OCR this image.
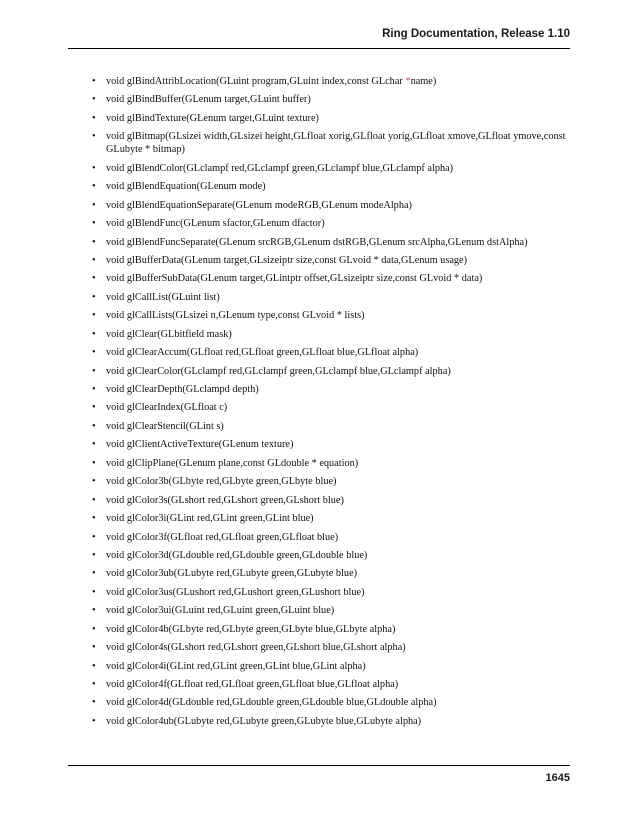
Ring Documentation, Release 1.10
• void glBindAttribLocation(GLuint program,GLuint index,const GLchar *name)
• void glBindBuffer(GLenum target,GLuint buffer)
• void glBindTexture(GLenum target,GLuint texture)
• void glBitmap(GLsizei width,GLsizei height,GLfloat xorig,GLfloat yorig,GLfloat xmove,GLfloat ymove,const GLubyte * bitmap)
• void glBlendColor(GLclampf red,GLclampf green,GLclampf blue,GLclampf alpha)
• void glBlendEquation(GLenum mode)
• void glBlendEquationSeparate(GLenum modeRGB,GLenum modeAlpha)
• void glBlendFunc(GLenum sfactor,GLenum dfactor)
• void glBlendFuncSeparate(GLenum srcRGB,GLenum dstRGB,GLenum srcAlpha,GLenum dstAlpha)
• void glBufferData(GLenum target,GLsizeiptr size,const GLvoid * data,GLenum usage)
• void glBufferSubData(GLenum target,GLintptr offset,GLsizeiptr size,const GLvoid * data)
• void glCallList(GLuint list)
• void glCallLists(GLsizei n,GLenum type,const GLvoid * lists)
• void glClear(GLbitfield mask)
• void glClearAccum(GLfloat red,GLfloat green,GLfloat blue,GLfloat alpha)
• void glClearColor(GLclampf red,GLclampf green,GLclampf blue,GLclampf alpha)
• void glClearDepth(GLclampd depth)
• void glClearIndex(GLfloat c)
• void glClearStencil(GLint s)
• void glClientActiveTexture(GLenum texture)
• void glClipPlane(GLenum plane,const GLdouble * equation)
• void glColor3b(GLbyte red,GLbyte green,GLbyte blue)
• void glColor3s(GLshort red,GLshort green,GLshort blue)
• void glColor3i(GLint red,GLint green,GLint blue)
• void glColor3f(GLfloat red,GLfloat green,GLfloat blue)
• void glColor3d(GLdouble red,GLdouble green,GLdouble blue)
• void glColor3ub(GLubyte red,GLubyte green,GLubyte blue)
• void glColor3us(GLushort red,GLushort green,GLushort blue)
• void glColor3ui(GLuint red,GLuint green,GLuint blue)
• void glColor4b(GLbyte red,GLbyte green,GLbyte blue,GLbyte alpha)
• void glColor4s(GLshort red,GLshort green,GLshort blue,GLshort alpha)
• void glColor4i(GLint red,GLint green,GLint blue,GLint alpha)
• void glColor4f(GLfloat red,GLfloat green,GLfloat blue,GLfloat alpha)
• void glColor4d(GLdouble red,GLdouble green,GLdouble blue,GLdouble alpha)
• void glColor4ub(GLubyte red,GLubyte green,GLubyte blue,GLubyte alpha)
1645
